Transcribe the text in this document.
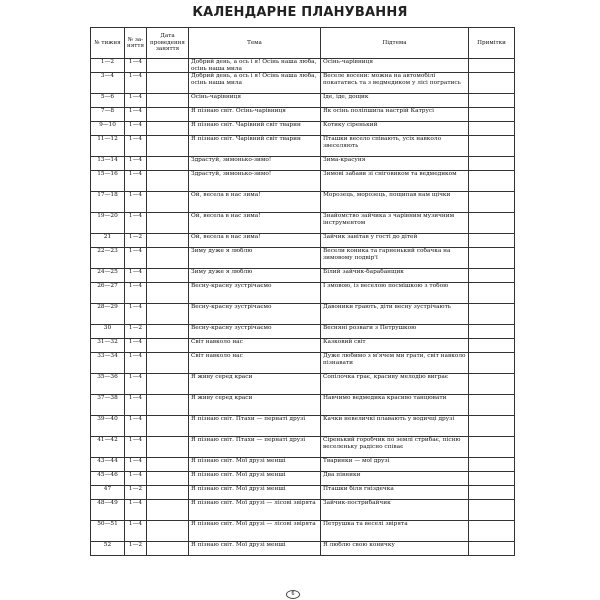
КАЛЕНДАРНЕ ПЛАНУВАННЯ
№ тижня	№ заняття	Дата проведення заняття	Тема	Підтема	Примітки
1—2	1—4		Добрий день, а ось і я! Осінь наша люба, осінь наша мила	Осінь-чарівниця	
3—4	1—4		Добрий день, а ось і я! Осінь наша люба, осінь наша мила	Веселе восени: можна на автомобілі покататись та з ведмедиком у лісі погратись	
5—6	1—4		Осінь-чарівниця	Іде, іде, дощик	
7—8	1—4		Я пізнаю світ. Осінь-чарівниця	Як осінь поліпшила настрій Катрусі	
9—10	1—4		Я пізнаю світ. Чарівний світ тварин	Котику сіренький	
11—12	1—4		Я пізнаю світ. Чарівний світ тварин	Пташки весело співають, усіх навколо звеселяють	
13—14	1—4		Здрастуй, зимонько-зимо!	Зима-красуня	
15—16	1—4		Здрастуй, зимонько-зимо!	Зимові забави зі сніговиком та ведмедиком	
17—18	1—4		Ой, весела в нас зима!	Морозець, морозець, пощипав нам щічки	
19—20	1—4		Ой, весела в нас зима!	Знайомство зайчика з чарівним музичним інструментом	
21	1—2		Ой, весела в нас зима!	Зайчик завітав у гості до дітей	
22—23	1—4		Зиму дуже я люблю	Весели коника та гарненький собачка на зимовому подвір'ї	
24—25	1—4		Зиму дуже я люблю	Білий зайчик-барабанщик	
26—27	1—4		Весну-красну зустрічаємо	І змовою, із веселою посмішкою з тобою	
28—29	1—4		Весну-красну зустрічаємо	Давоники грають, діти весну зустрічають	
30	1—2		Весну-красну зустрічаємо	Весняні розваги з Петрушкою	
31—32	1—4		Світ навколо нас	Казковий світ	
33—34	1—4		Світ навколо нас	Дуже любимо з м'ячем ми грати, світ навколо пізнавати	
35—36	1—4		Я живу серед краси	Сопілочка грає, красиву мелодію виграє	
37—38	1—4		Я живу серед краси	Навчимо ведмедика красиво танцювати	
39—40	1—4		Я пізнаю світ. Птахи — пернаті друзі	Качки невеличкі плавають у водичці друзі	
41—42	1—4		Я пізнаю світ. Птахи — пернаті друзі	Сіренький горобчик по землі стрибає, пісню веселеньку радісно співає	
43—44	1—4		Я пізнаю світ. Мої друзі менші	Тваринки — мої друзі	
45—46	1—4		Я пізнаю світ. Мої друзі менші	Два півники	
47	1—2		Я пізнаю світ. Мої друзі менші	Пташки біля гніздечка	
48—49	1—4		Я пізнаю світ. Мої друзі — лісові звірята	Зайчик-пострибайчик	
50—51	1—4		Я пізнаю світ. Мої друзі — лісові звірята	Петрушка та веселі звірята	
52	1—2		Я пізнаю світ. Мої друзі менші	Я люблю свою коничку	
6
